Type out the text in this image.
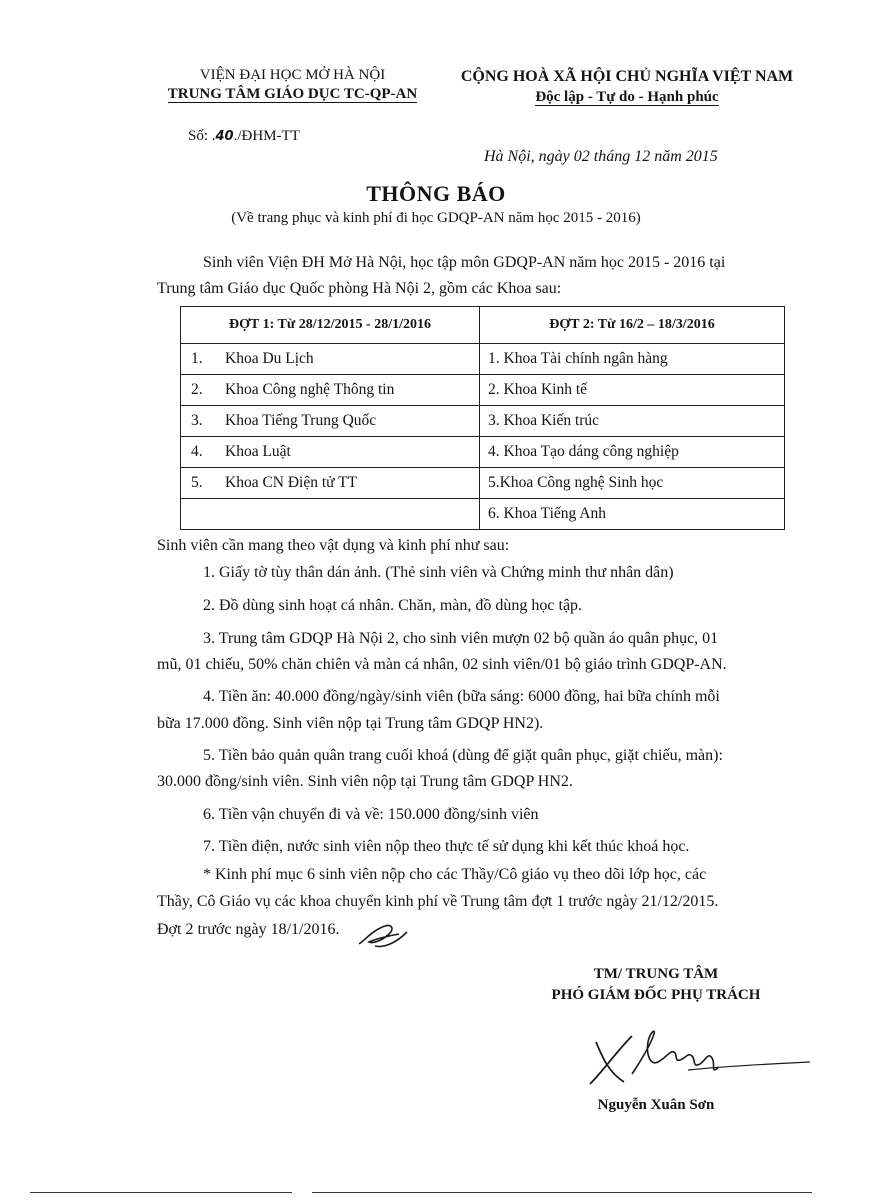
VIỆN ĐẠI HỌC MỞ HÀ NỘI
TRUNG TÂM GIÁO DỤC TC-QP-AN
CỘNG HOÀ XÃ HỘI CHỦ NGHĨA VIỆT NAM
Độc lập - Tự do - Hạnh phúc
Số: .40./ĐHM-TT
Hà Nội, ngày 02 tháng 12 năm 2015
THÔNG BÁO
(Về trang phục và kinh phí đi học GDQP-AN năm học 2015 - 2016)
Sinh viên Viện ĐH Mở Hà Nội, học tập môn GDQP-AN năm học 2015 - 2016 tại
Trung tâm Giáo dục Quốc phòng Hà Nội 2, gồm các Khoa sau:
ĐỢT 1: Từ 28/12/2015 - 28/1/2016	ĐỢT 2: Từ 16/2 – 18/3/2016
1. Khoa Du Lịch	1. Khoa Tài chính ngân hàng
2. Khoa Công nghệ Thông tin	2. Khoa Kinh tế
3. Khoa Tiếng Trung Quốc	3. Khoa Kiến trúc
4. Khoa Luật	4. Khoa Tạo dáng công nghiệp
5. Khoa CN Điện tử TT	5.Khoa Công nghệ Sinh học
	6. Khoa Tiếng Anh
Sinh viên cần mang theo vật dụng và kinh phí như sau:
1. Giấy tờ tùy thân dán ảnh. (Thẻ sinh viên và Chứng minh thư nhân dân)
2. Đồ dùng sinh hoạt cá nhân. Chăn, màn, đồ dùng học tập.
3. Trung tâm GDQP Hà Nội 2, cho sinh viên mượn 02 bộ quần áo quân phục, 01
mũ, 01 chiếu, 50% chăn chiên và màn cá nhân, 02 sinh viên/01 bộ giáo trình GDQP-AN.
4. Tiền ăn: 40.000 đồng/ngày/sinh viên (bữa sáng: 6000 đồng, hai bữa chính mỗi
bữa 17.000 đồng. Sinh viên nộp tại Trung tâm GDQP HN2).
5. Tiền bảo quản quân trang cuối khoá (dùng để giặt quân phục, giặt chiếu, màn):
30.000 đồng/sinh viên. Sinh viên nộp tại Trung tâm GDQP HN2.
6. Tiền vận chuyển đi và về: 150.000 đồng/sinh viên
7. Tiền điện, nước sinh viên nộp theo thực tế sử dụng khi kết thúc khoá học.
* Kinh phí mục 6 sinh viên nộp cho các Thầy/Cô giáo vụ theo dõi lớp học, các
Thầy, Cô Giáo vụ các khoa chuyển kinh phí về Trung tâm đợt 1 trước ngày 21/12/2015.
Đợt 2 trước ngày 18/1/2016.
TM/ TRUNG TÂM
PHÓ GIÁM ĐỐC PHỤ TRÁCH
Nguyễn Xuân Sơn
